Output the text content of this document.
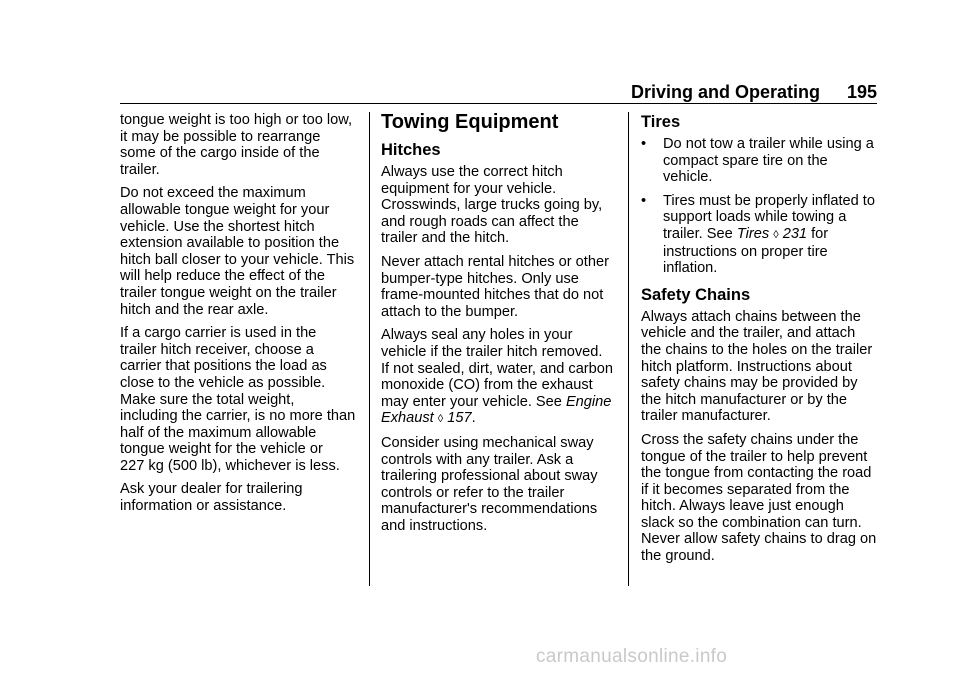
Driving and Operating 195

tongue weight is too high or too low,
it may be possible to rearrange
some of the cargo inside of the
trailer.

Do not exceed the maximum
allowable tongue weight for your
vehicle. Use the shortest hitch
extension available to position the
hitch ball closer to your vehicle. This
will help reduce the effect of the
trailer tongue weight on the trailer
hitch and the rear axle.

If a cargo carrier is used in the
trailer hitch receiver, choose a
carrier that positions the load as
close to the vehicle as possible.
Make sure the total weight,
including the carrier, is no more than
half of the maximum allowable
tongue weight for the vehicle or
227 kg (500 lb), whichever is less.

Ask your dealer for trailering
information or assistance.

Towing Equipment
Hitches

Always use the correct hitch
equipment for your vehicle.
Crosswinds, large trucks going by,
and rough roads can affect the
trailer and the hitch.

Never attach rental hitches or other
bumper-type hitches. Only use
frame-mounted hitches that do not
attach to the bumper.

Always seal any holes in your
vehicle if the trailer hitch removed.
If not sealed, dirt, water, and carbon
monoxide (CO) from the exhaust
may enter your vehicle. See Engine
Exhaust ◊ 157.

Consider using mechanical sway
controls with any trailer. Ask a
trailering professional about sway
controls or refer to the trailer
manufacturer's recommendations
and instructions.

Tires
• Do not tow a trailer while using a
compact spare tire on the
vehicle.
• Tires must be properly inflated to
support loads while towing a
trailer. See Tires ◊ 231 for
instructions on proper tire
inflation.
Safety Chains

Always attach chains between the
vehicle and the trailer, and attach
the chains to the holes on the trailer
hitch platform. Instructions about
safety chains may be provided by
the hitch manufacturer or by the
trailer manufacturer.

Cross the safety chains under the
tongue of the trailer to help prevent
the tongue from contacting the road
if it becomes separated from the
hitch. Always leave just enough
slack so the combination can turn.
Never allow safety chains to drag on
the ground.

carmanualsonline.info
